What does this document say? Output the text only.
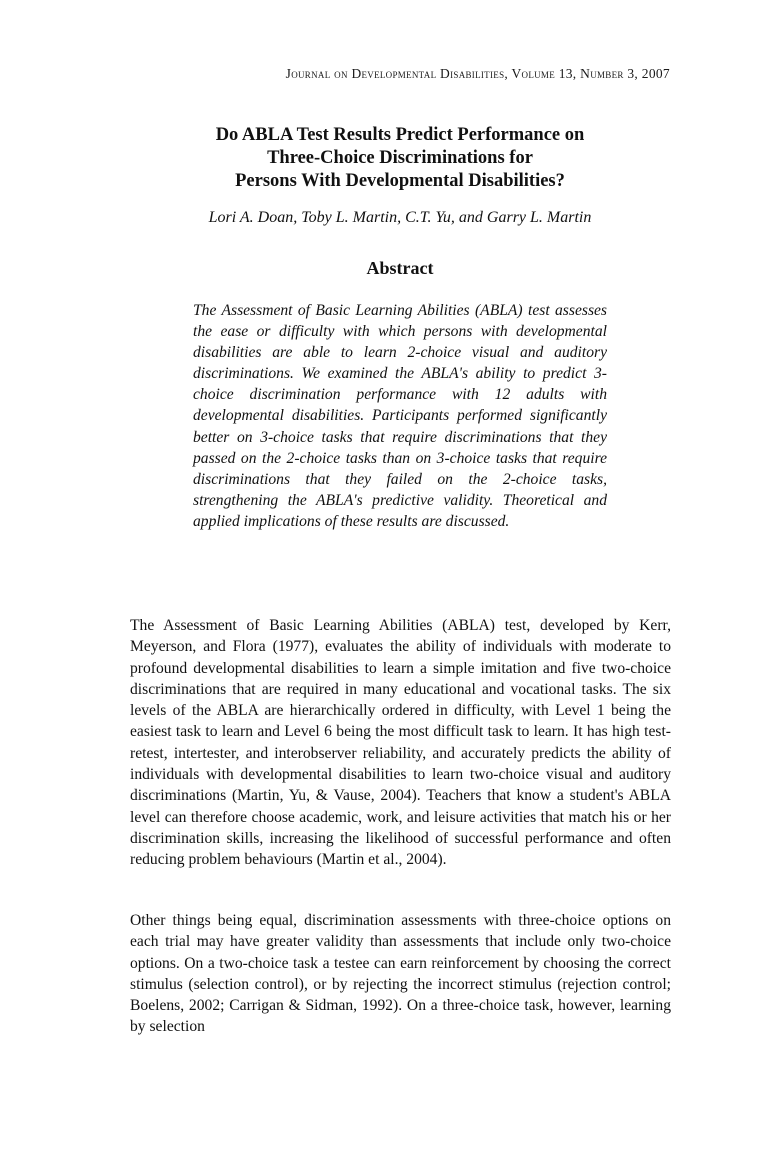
Journal on Developmental Disabilities, Volume 13, Number 3, 2007
Do ABLA Test Results Predict Performance on
Three-Choice Discriminations for
Persons With Developmental Disabilities?
Lori A. Doan, Toby L. Martin, C.T. Yu, and Garry L. Martin
Abstract

The Assessment of Basic Learning Abilities (ABLA) test assesses the ease or difficulty with which persons with developmental disabilities are able to learn 2-choice visual and auditory discriminations. We examined the ABLA's ability to predict 3-choice discrimination performance with 12 adults with developmental disabilities. Participants performed significantly better on 3-choice tasks that require discriminations that they passed on the 2-choice tasks than on 3-choice tasks that require discriminations that they failed on the 2-choice tasks, strengthening the ABLA's predictive validity. Theoretical and applied implications of these results are discussed.

The Assessment of Basic Learning Abilities (ABLA) test, developed by Kerr, Meyerson, and Flora (1977), evaluates the ability of individuals with moderate to profound developmental disabilities to learn a simple imitation and five two-choice discriminations that are required in many educational and vocational tasks. The six levels of the ABLA are hierarchically ordered in difficulty, with Level 1 being the easiest task to learn and Level 6 being the most difficult task to learn. It has high test-retest, intertester, and interobserver reliability, and accurately predicts the ability of individuals with developmental disabilities to learn two-choice visual and auditory discriminations (Martin, Yu, & Vause, 2004). Teachers that know a student's ABLA level can therefore choose academic, work, and leisure activities that match his or her discrimination skills, increasing the likelihood of successful performance and often reducing problem behaviours (Martin et al., 2004).

Other things being equal, discrimination assessments with three-choice options on each trial may have greater validity than assessments that include only two-choice options. On a two-choice task a testee can earn reinforcement by choosing the correct stimulus (selection control), or by rejecting the incorrect stimulus (rejection control; Boelens, 2002; Carrigan & Sidman, 1992). On a three-choice task, however, learning by selection
